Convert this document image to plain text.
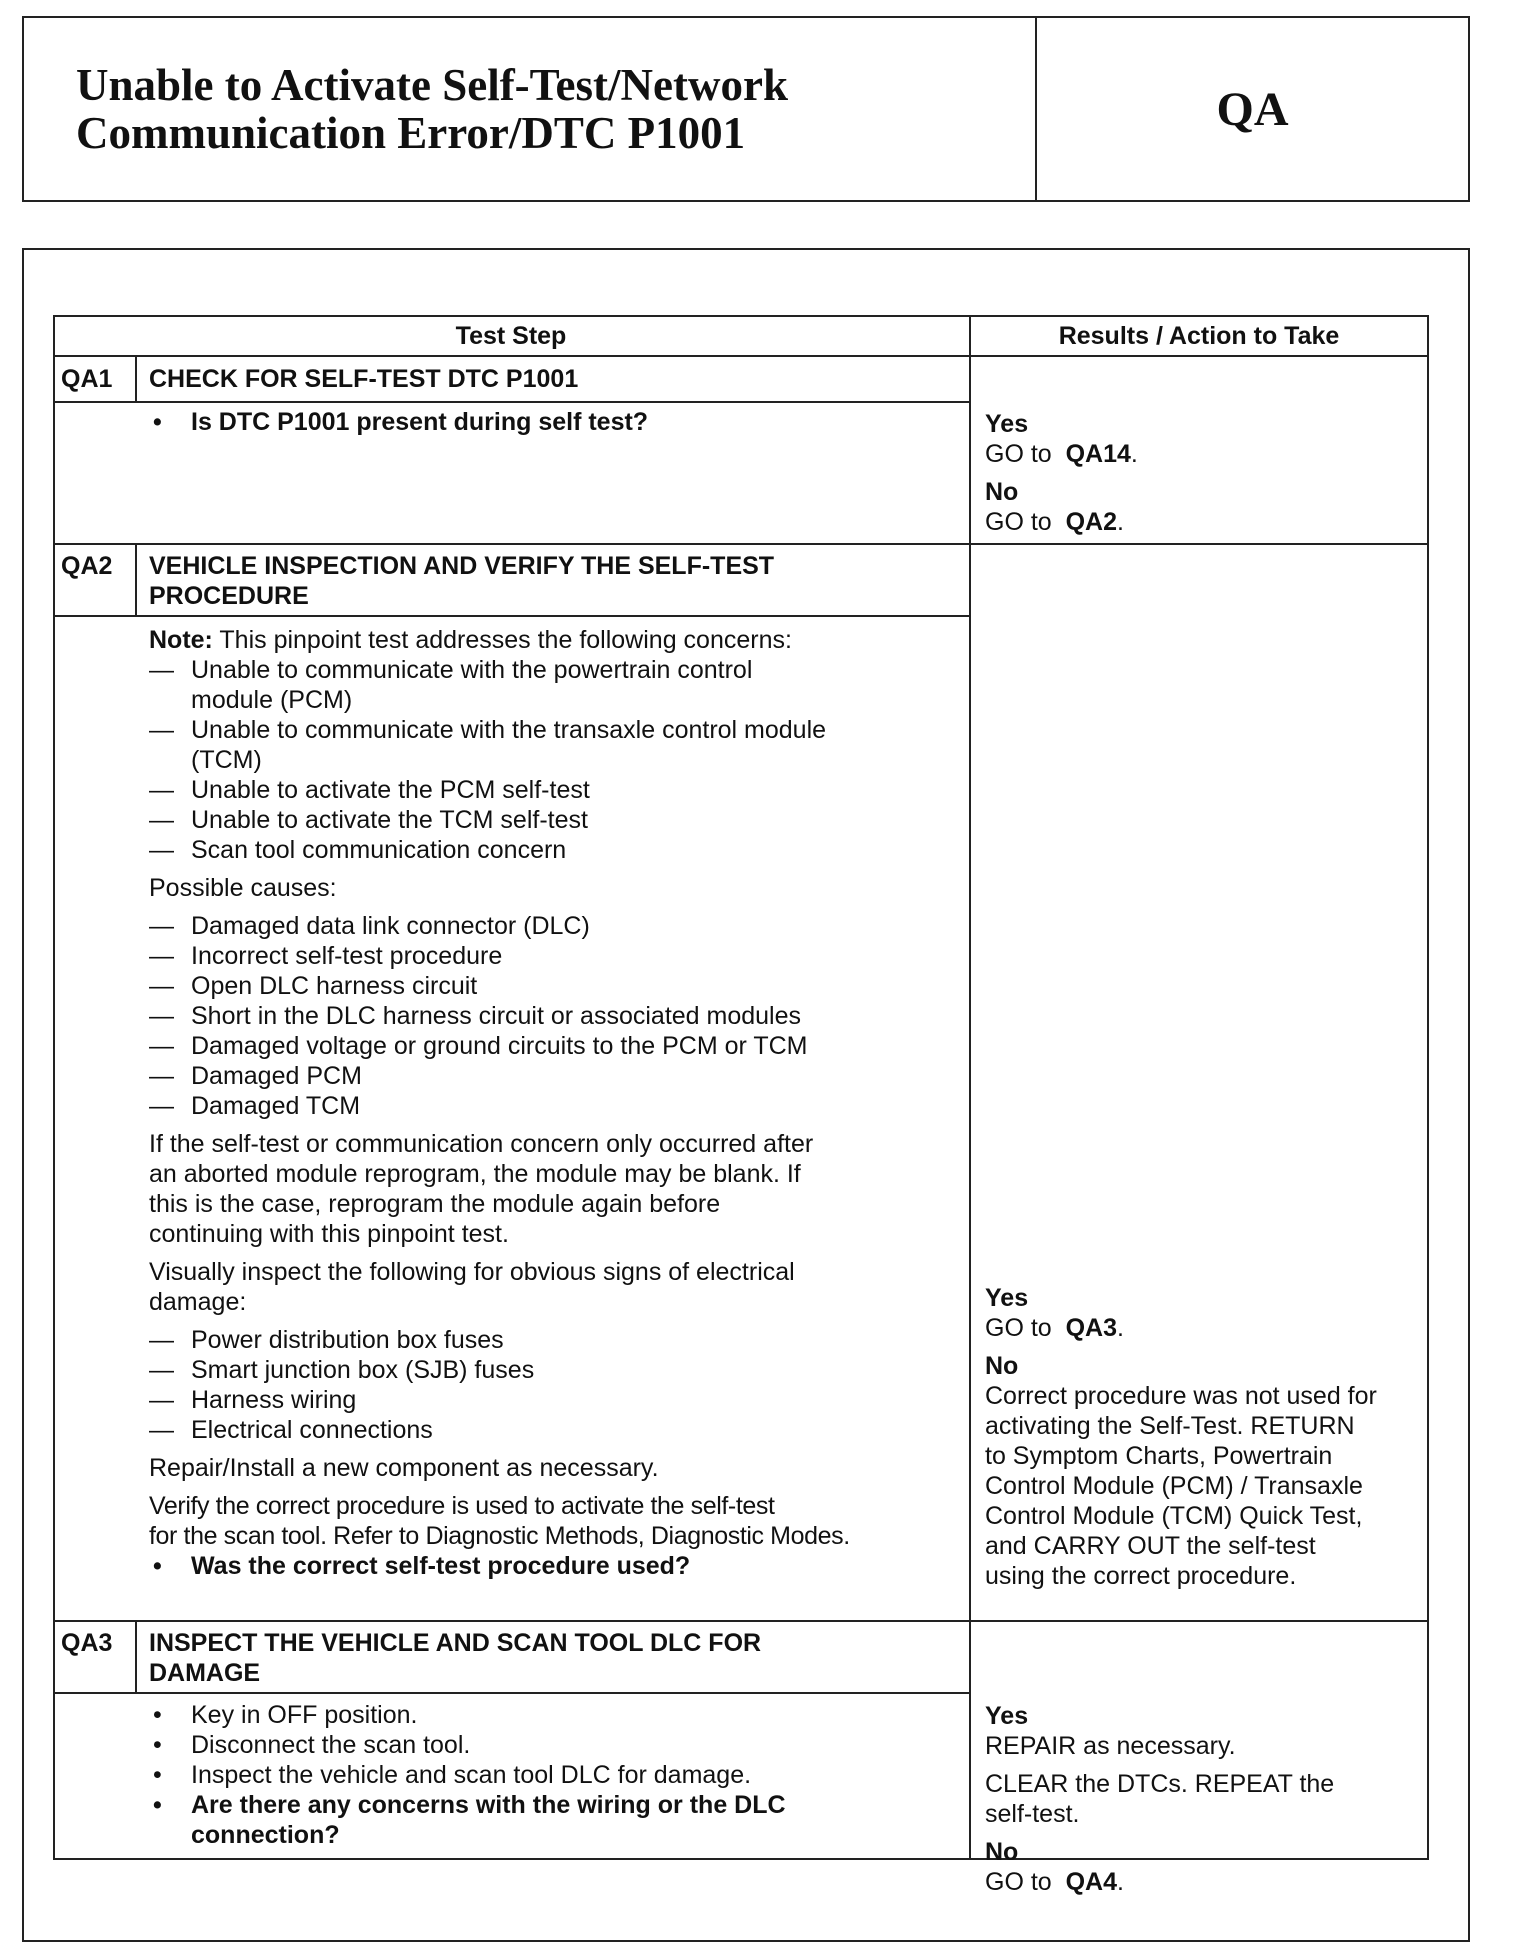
Unable to Activate Self-Test/Network
Communication Error/DTC P1001	QA
Test Step	Results / Action to Take
QA1 CHECK FOR SELF-TEST DTC P1001
•	Is DTC P1001 present during self test?	Yes
GO to QA14.
No
GO to QA2.
QA2 VEHICLE INSPECTION AND VERIFY THE SELF-TEST
PROCEDURE
Note: This pinpoint test addresses the following concerns:
— Unable to communicate with the powertrain control
module (PCM)
— Unable to communicate with the transaxle control module
(TCM)
— Unable to activate the PCM self-test
— Unable to activate the TCM self-test
— Scan tool communication concern
Possible causes:
— Damaged data link connector (DLC)
— Incorrect self-test procedure
— Open DLC harness circuit
— Short in the DLC harness circuit or associated modules
— Damaged voltage or ground circuits to the PCM or TCM
— Damaged PCM
— Damaged TCM
If the self-test or communication concern only occurred after
an aborted module reprogram, the module may be blank. If
this is the case, reprogram the module again before
continuing with this pinpoint test.
Visually inspect the following for obvious signs of electrical
damage:
— Power distribution box fuses
— Smart junction box (SJB) fuses
— Harness wiring
— Electrical connections
Repair/Install a new component as necessary.
Verify the correct procedure is used to activate the self-test
for the scan tool. Refer to Diagnostic Methods, Diagnostic Modes.
•	Was the correct self-test procedure used?
Yes
GO to QA3.
No
Correct procedure was not used for
activating the Self-Test. RETURN
to Symptom Charts, Powertrain
Control Module (PCM) / Transaxle
Control Module (TCM) Quick Test,
and CARRY OUT the self-test
using the correct procedure.
QA3 INSPECT THE VEHICLE AND SCAN TOOL DLC FOR
DAMAGE
•	Key in OFF position.
•	Disconnect the scan tool.
•	Inspect the vehicle and scan tool DLC for damage.
•	Are there any concerns with the wiring or the DLC
connection?
Yes
REPAIR as necessary.
CLEAR the DTCs. REPEAT the
self-test.
No
GO to QA4.
